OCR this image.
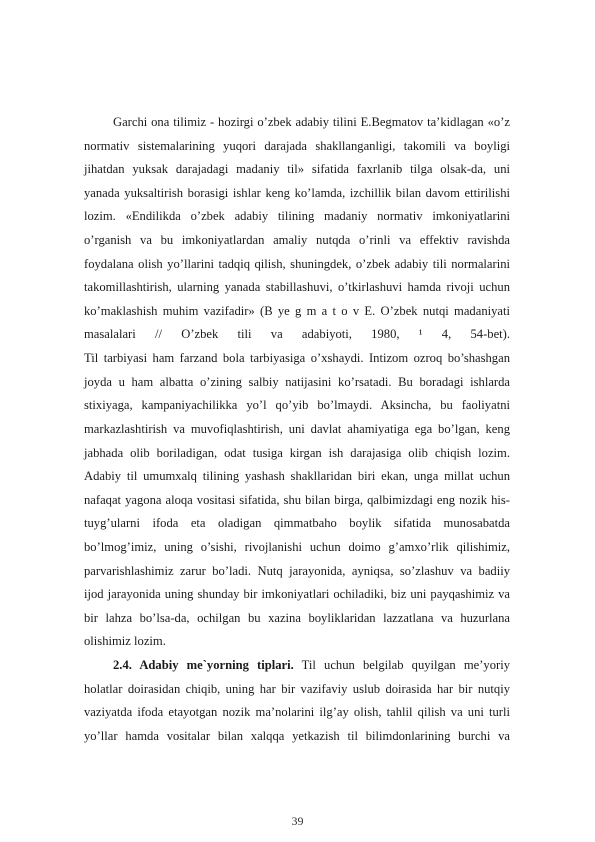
Garchi ona tilimiz - hozirgi o’zbek adabiy tilini E.Begmatov ta’kidlagan «o’z
normativ sistemalarining yuqori darajada shakllanganligi, takomili va boyligi
jihatdan yuksak darajadagi madaniy til» sifatida faxrlanib tilga olsak-da, uni
yanada yuksaltirish borasigi ishlar keng ko’lamda, izchillik bilan davom ettirilishi
lozim. «Endilikda o’zbek adabiy tilining madaniy normativ imkoniyatlarini
o’rganish va bu imkoniyatlardan amaliy nutqda o’rinli va effektiv ravishda
foydalana olish yo’llarini tadqiq qilish, shuningdek, o’zbek adabiy tili normalarini
takomillashtirish, ularning yanada stabillashuvi, o’tkirlashuvi hamda rivoji uchun
ko’maklashish muhim vazifadir» (B ye g m a t o v E. O’zbek nutqi madaniyati
masalalari // O’zbek tili va adabiyoti, 1980, ¹ 4, 54-bet).
Til tarbiyasi ham farzand bola tarbiyasiga o’xshaydi. Intizom ozroq bo’shashgan
joyda u ham albatta o’zining salbiy natijasini ko’rsatadi. Bu boradagi ishlarda
stixiyaga, kampaniyachilikka yo’l qo’yib bo’lmaydi. Aksincha, bu faoliyatni
markazlashtirish va muvofiqlashtirish, uni davlat ahamiyatiga ega bo’lgan, keng
jabhada olib boriladigan, odat tusiga kirgan ish darajasiga olib chiqish lozim.
Adabiy til umumxalq tilining yashash shakllaridan biri ekan, unga millat uchun
nafaqat yagona aloqa vositasi sifatida, shu bilan birga, qalbimizdagi eng nozik his-
tuyg’ularni ifoda eta oladigan qimmatbaho boylik sifatida munosabatda
bo’lmog’imiz, uning o’sishi, rivojlanishi uchun doimo g’amxo’rlik qilishimiz,
parvarishlashimiz zarur bo’ladi. Nutq jarayonida, ayniqsa, so’zlashuv va badiiy
ijod jarayonida uning shunday bir imkoniyatlari ochiladiki, biz uni payqashimiz va
bir lahza bo’lsa-da, ochilgan bu xazina boyliklaridan lazzatlana va huzurlana
olishimiz lozim.
2.4. Adabiy me`yorning tiplari. Til uchun belgilab quyilgan me’yoriy
holatlar doirasidan chiqib, uning har bir vazifaviy uslub doirasida har bir nutqiy
vaziyatda ifoda etayotgan nozik ma’nolarini ilg’ay olish, tahlil qilish va uni turli
yo’llar hamda vositalar bilan xalqqa yetkazish til bilimdonlarining burchi va
39
